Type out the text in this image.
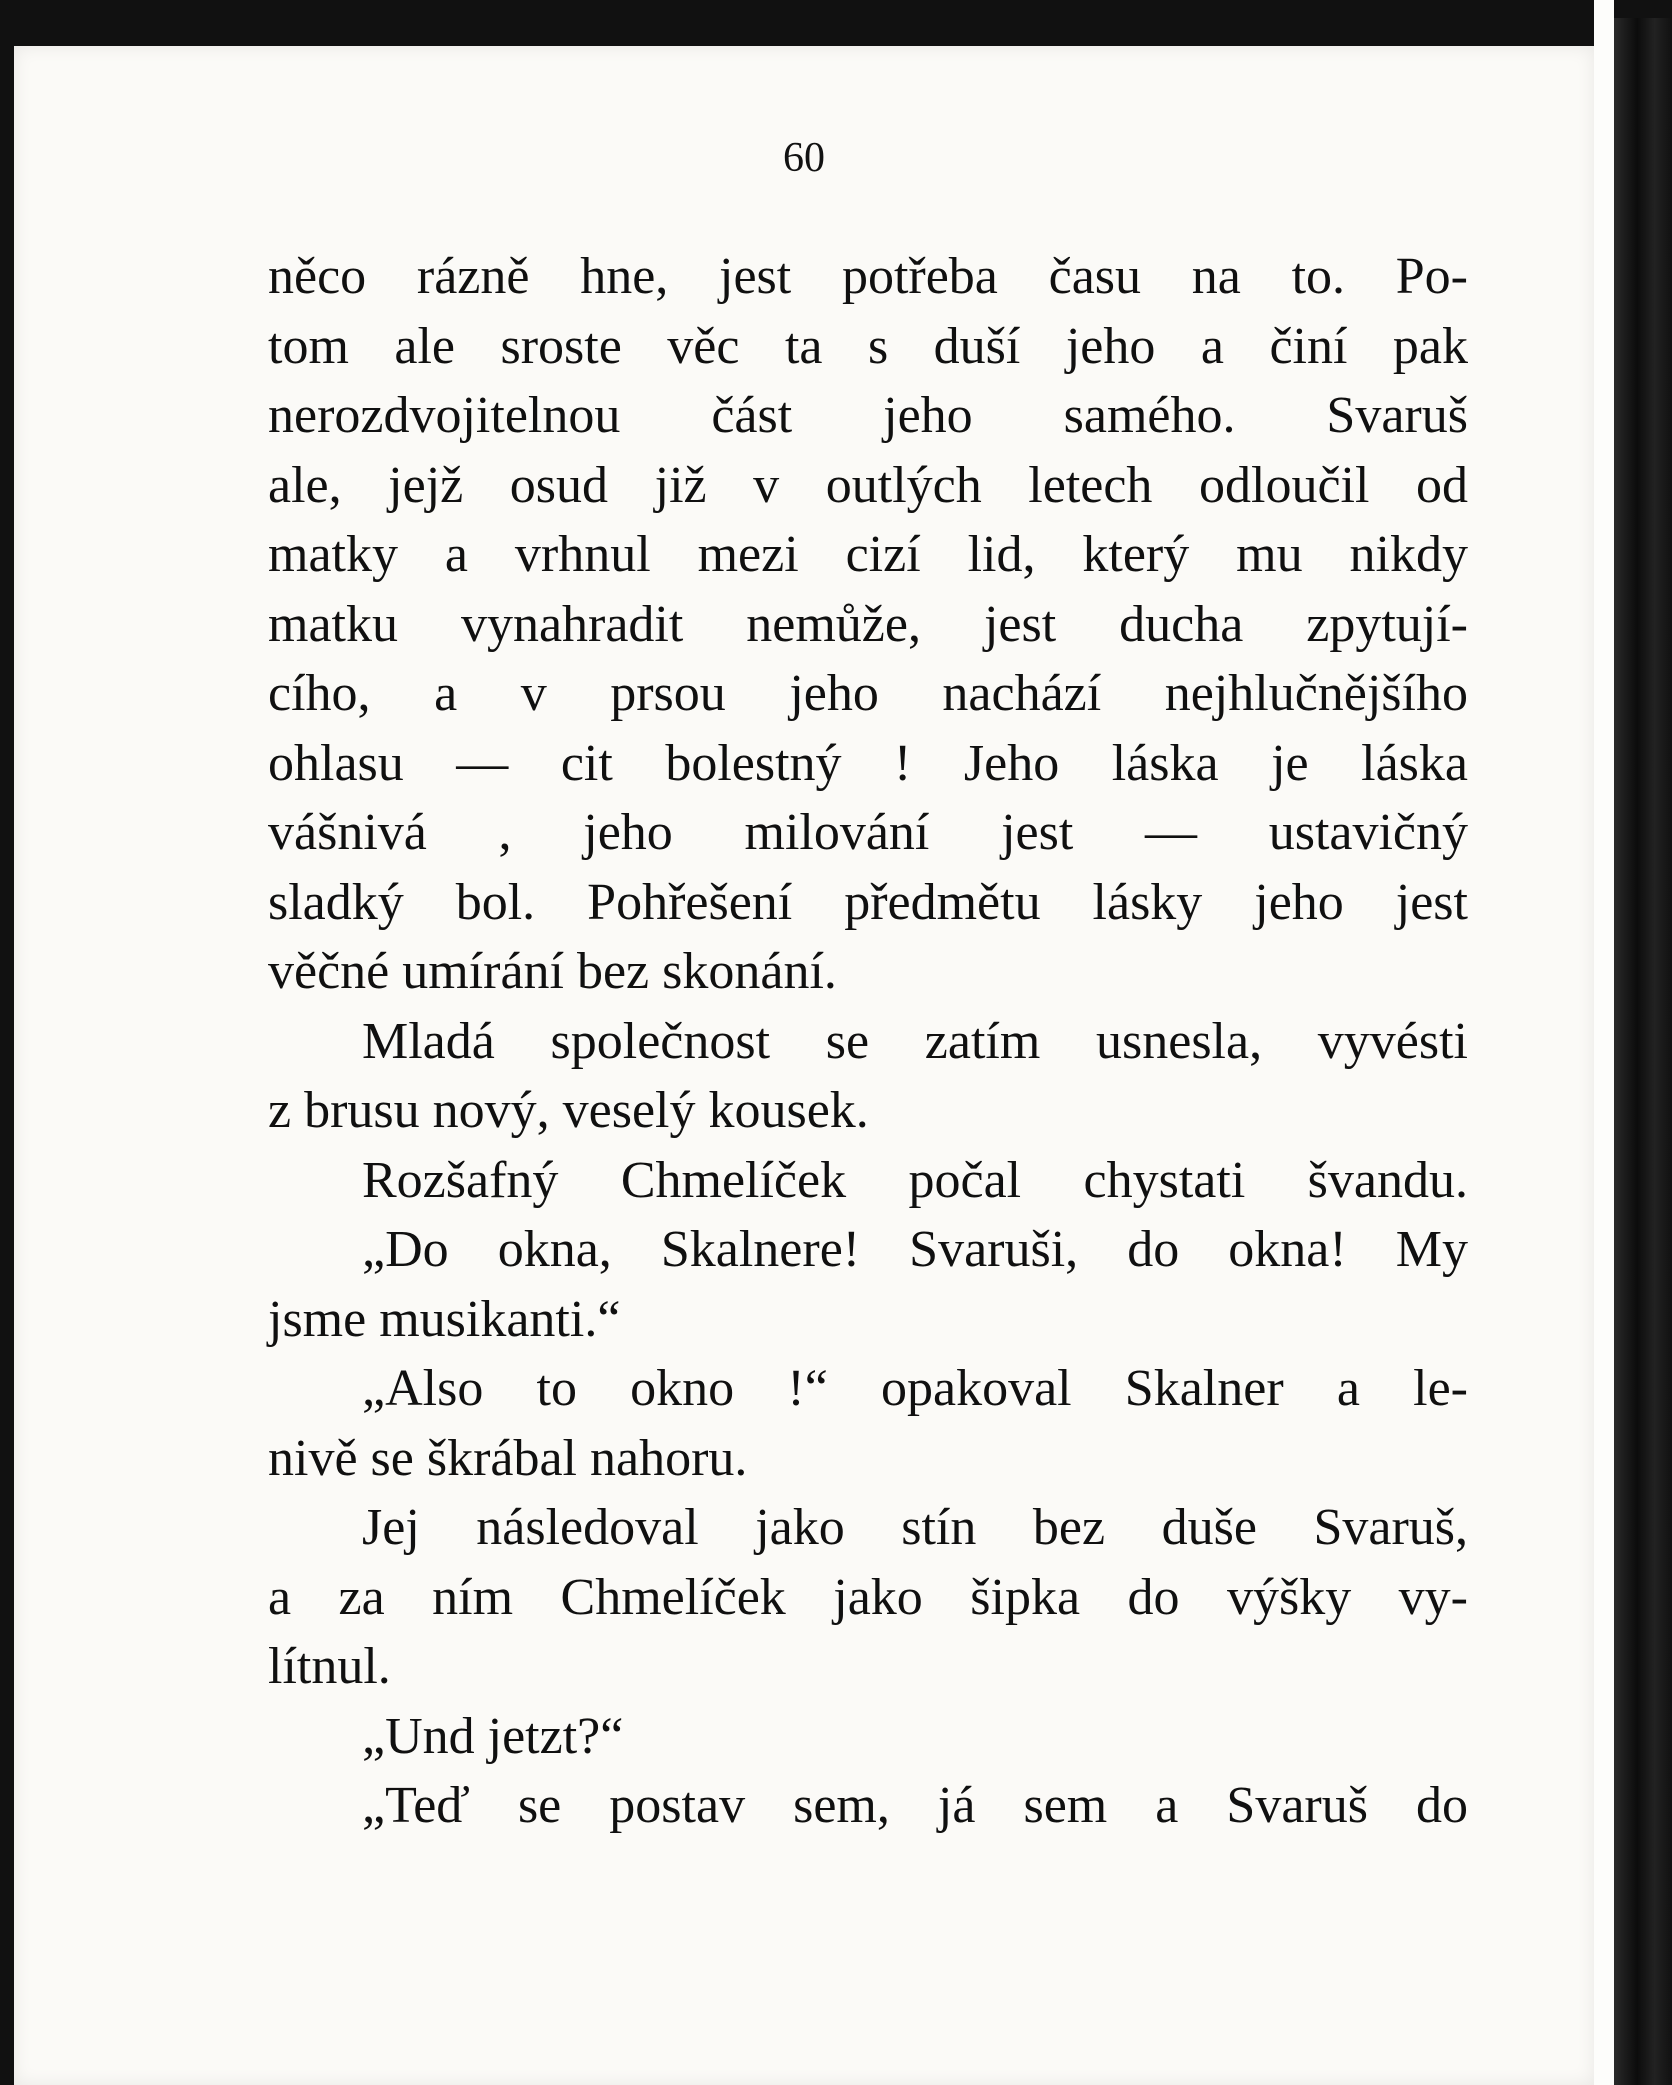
60
něco rázně hne, jest potřeba času na to. Po-
tom ale sroste věc ta s duší jeho a činí pak
nerozdvojitelnou část jeho samého. Svaruš
ale, jejž osud již v outlých letech odloučil od
matky a vrhnul mezi cizí lid, který mu nikdy
matku vynahradit nemůže, jest ducha zpytují-
cího, a v prsou jeho nachází nejhlučnějšího
ohlasu — cit bolestný ! Jeho láska je láska
vášnivá , jeho milování jest — ustavičný
sladký bol. Pohřešení předmětu lásky jeho jest
věčné umírání bez skonání.
Mladá společnost se zatím usnesla, vyvésti
z brusu nový, veselý kousek.
Rozšafný Chmelíček počal chystati švandu.
„Do okna, Skalnere! Svaruši, do okna! My
jsme musikanti.“
„Also to okno !“ opakoval Skalner a le-
nivě se škrábal nahoru.
Jej následoval jako stín bez duše Svaruš,
a za ním Chmelíček jako šipka do výšky vy-
lítnul.
„Und jetzt?“
„Teď se postav sem, já sem a Svaruš do
